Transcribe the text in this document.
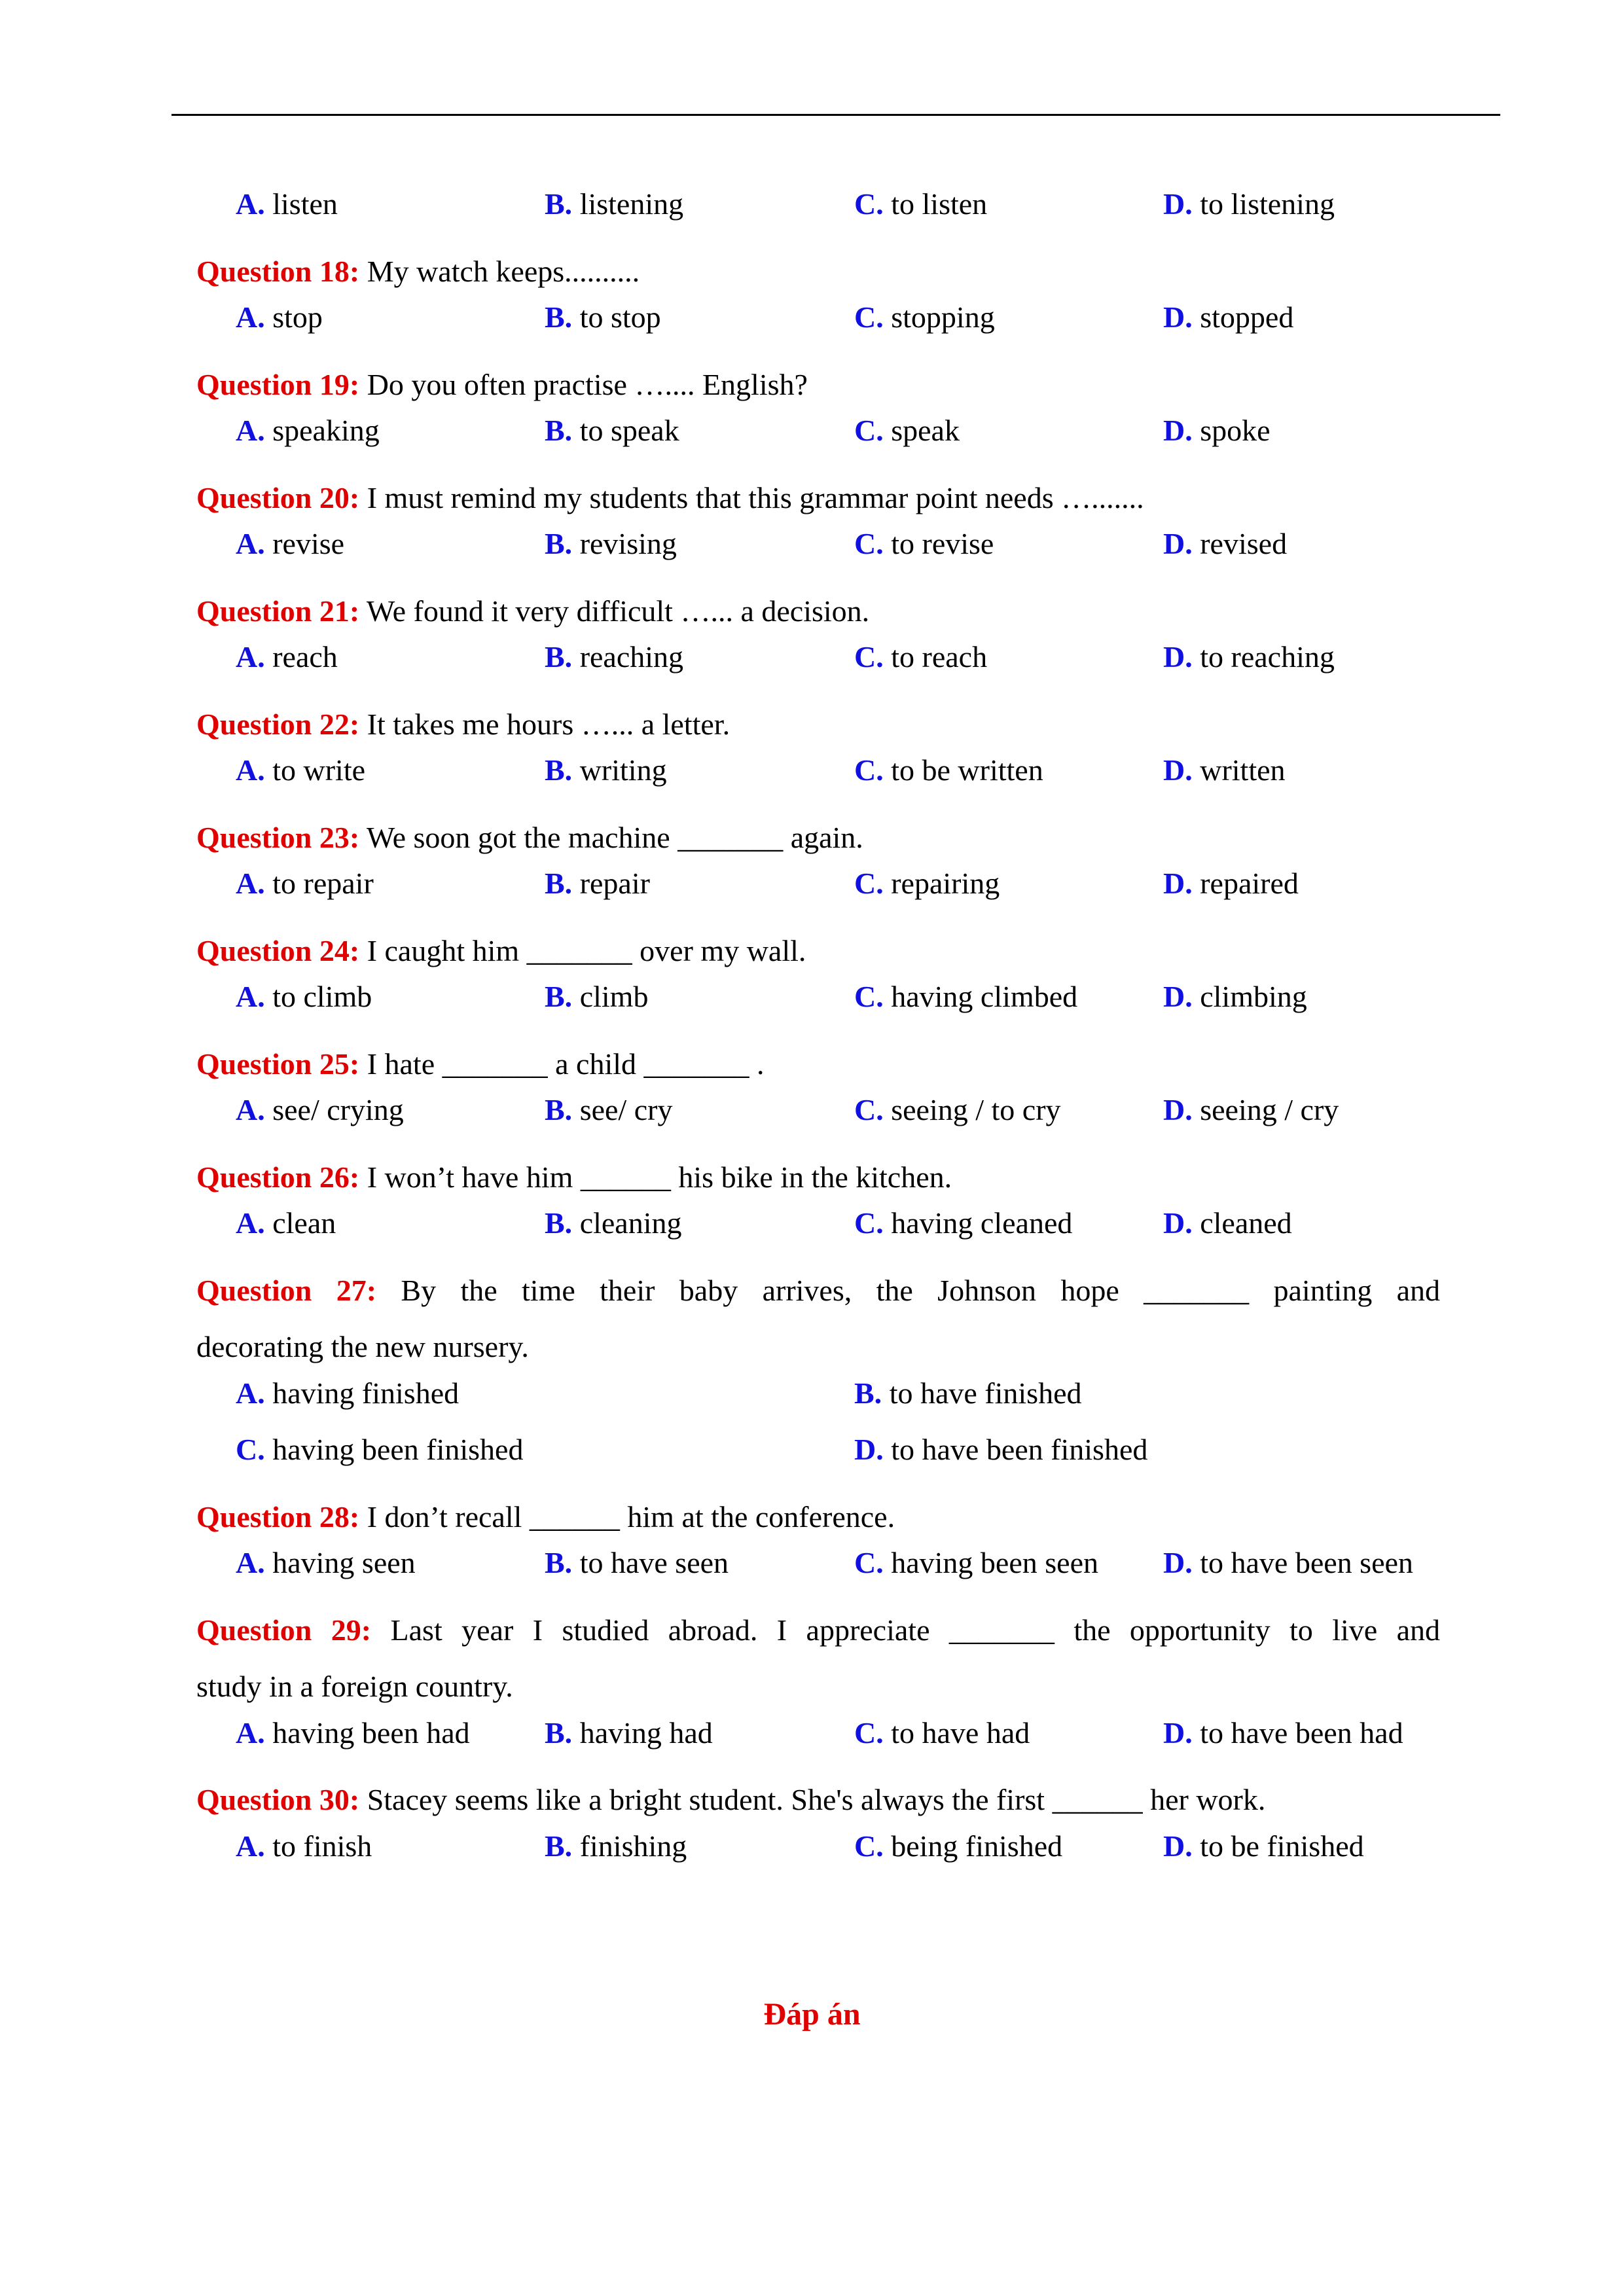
A. listen	B. listening	C. to listen	D. to listening
Question 18: My watch keeps..........
A. stop	B. to stop	C. stopping	D. stopped
Question 19: Do you often practise ….... English?
A. speaking	B. to speak	C. speak	D. spoke
Question 20: I must remind my students that this grammar point needs ….......
A. revise	B. revising	C. to revise	D. revised
Question 21: We found it very difficult …... a decision.
A. reach	B. reaching	C. to reach	D. to reaching
Question 22: It takes me hours …... a letter.
A. to write	B. writing	C. to be written	D. written
Question 23: We soon got the machine _______ again.
A. to repair	B. repair	C. repairing	D. repaired
Question 24: I caught him _______ over my wall.
A. to climb	B. climb	C. having climbed	D. climbing
Question 25: I hate _______ a child _______ .
A. see/ crying	B. see/ cry	C. seeing / to cry	D. seeing / cry
Question 26: I won’t have him ______ his bike in the kitchen.
A. clean	B. cleaning	C. having cleaned	D. cleaned
Question 27: By the time their baby arrives, the Johnson hope _______ painting and
decorating the new nursery.
A. having finished	B. to have finished
C. having been finished	D. to have been finished
Question 28: I don’t recall ______ him at the conference.
A. having seen	B. to have seen	C. having been seen D. to have been seen
Question 29: Last year I studied abroad. I appreciate _______ the opportunity to live and
study in a foreign country.
A. having been had B. having had	C. to have had	D. to have been had
Question 30: Stacey seems like a bright student. She's always the first ______ her work.
A. to finish	B. finishing	C. being finished	D. to be finished
Đáp án
